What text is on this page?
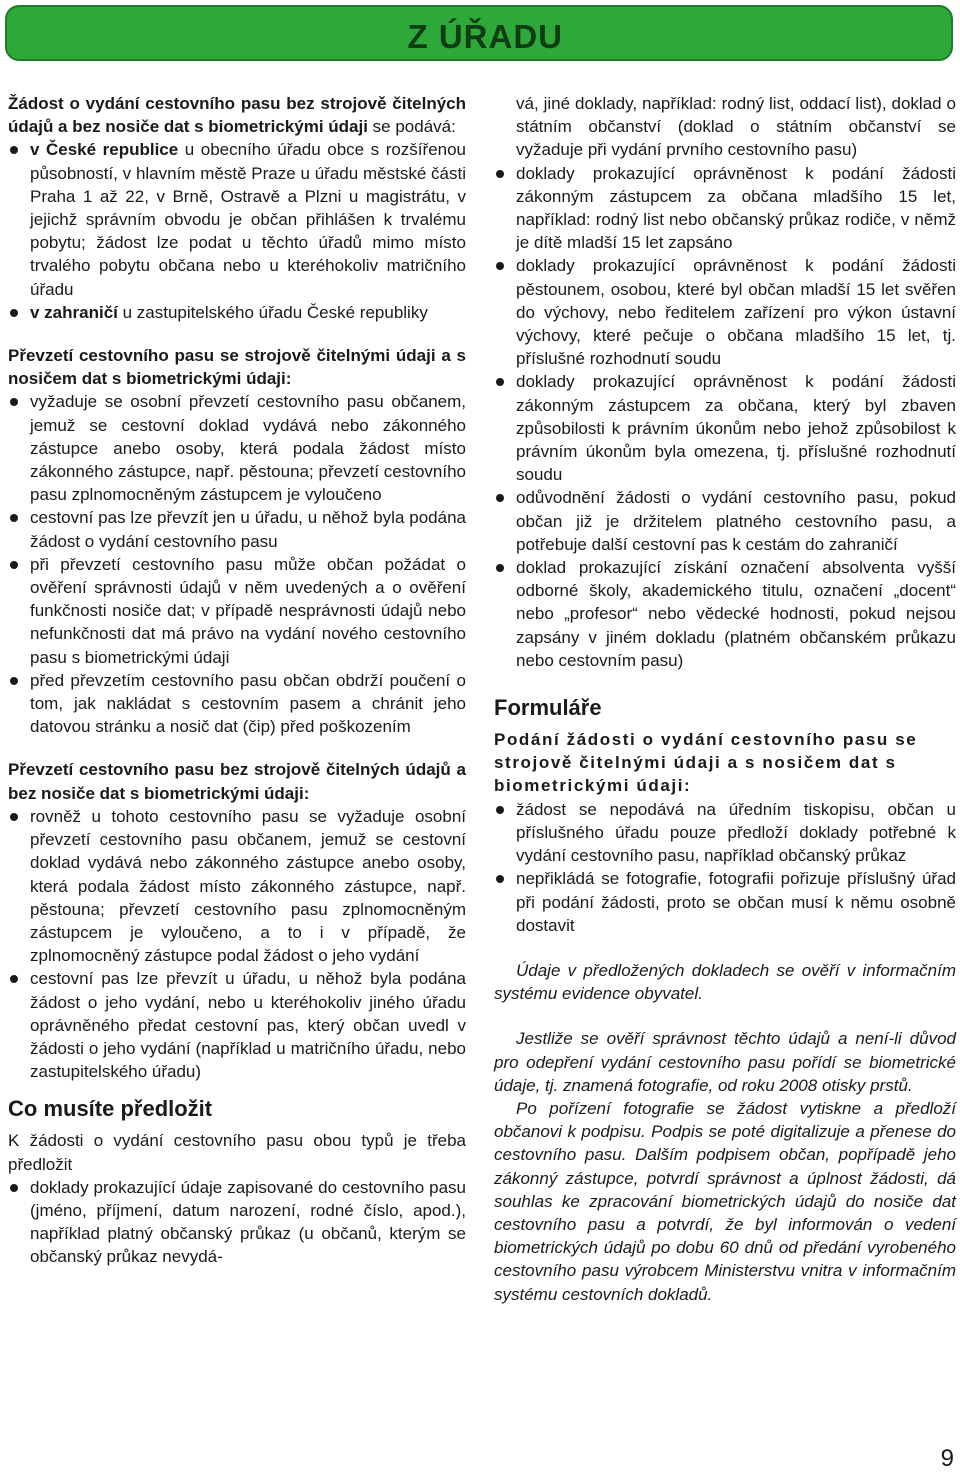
Z ÚŘADU

Žádost o vydání cestovního pasu bez strojově čitelných údajů a bez nosiče dat s biometrickými údaji se podává:

v České republice u obecního úřadu obce s rozšířenou působností, v hlavním městě Praze u úřadu městské části Praha 1 až 22, v Brně, Ostravě a Plzni u magistrátu, v jejichž správním obvodu je občan přihlášen k trvalému pobytu; žádost lze podat u těchto úřadů mimo místo trvalého pobytu občana nebo u kteréhokoliv matričního úřadu
v zahraničí u zastupitelského úřadu České republiky

Převzetí cestovního pasu se strojově čitelnými údaji a s nosičem dat s biometrickými údaji:

vyžaduje se osobní převzetí cestovního pasu občanem, jemuž se cestovní doklad vydává nebo zákonného zástupce anebo osoby, která podala žádost místo zákonného zástupce, např. pěstouna; převzetí cestovního pasu zplnomocněným zástupcem je vyloučeno
cestovní pas lze převzít jen u úřadu, u něhož byla podána žádost o vydání cestovního pasu
při převzetí cestovního pasu může občan požádat o ověření správnosti údajů v něm uvedených a o ověření funkčnosti nosiče dat; v případě nesprávnosti údajů nebo nefunkčnosti dat má právo na vydání nového cestovního pasu s biometrickými údaji
před převzetím cestovního pasu občan obdrží poučení o tom, jak nakládat s cestovním pasem a chránit jeho datovou stránku a nosič dat (čip) před poškozením

Převzetí cestovního pasu bez strojově čitelných údajů a bez nosiče dat s biometrickými údaji:

rovněž u tohoto cestovního pasu se vyžaduje osobní převzetí cestovního pasu občanem, jemuž se cestovní doklad vydává nebo zákonného zástupce anebo osoby, která podala žádost místo zákonného zástupce, např. pěstouna; převzetí cestovního pasu zplnomocněným zástupcem je vyloučeno, a to i v případě, že zplnomocněný zástupce podal žádost o jeho vydání
cestovní pas lze převzít u úřadu, u něhož byla podána žádost o jeho vydání, nebo u kteréhokoliv jiného úřadu oprávněného předat cestovní pas, který občan uvedl v žádosti o jeho vydání (například u matričního úřadu, nebo zastupitelského úřadu)
Co musíte předložit

K žádosti o vydání cestovního pasu obou typů je třeba předložit

doklady prokazující údaje zapisované do cestovního pasu (jméno, příjmení, datum narození, rodné číslo, apod.), například platný občanský průkaz (u občanů, kterým se občanský průkaz nevydá-
vá, jiné doklady, například: rodný list, oddací list), doklad o státním občanství (doklad o státním občanství se vyžaduje při vydání prvního cestovního pasu)
doklady prokazující oprávněnost k podání žádosti zákonným zástupcem za občana mladšího 15 let, například: rodný list nebo občanský průkaz rodiče, v němž je dítě mladší 15 let zapsáno
doklady prokazující oprávněnost k podání žádosti pěstounem, osobou, které byl občan mladší 15 let svěřen do výchovy, nebo ředitelem zařízení pro výkon ústavní výchovy, které pečuje o občana mladšího 15 let, tj. příslušné rozhodnutí soudu
doklady prokazující oprávněnost k podání žádosti zákonným zástupcem za občana, který byl zbaven způsobilosti k právním úkonům nebo jehož způsobilost k právním úkonům byla omezena, tj. příslušné rozhodnutí soudu
odůvodnění žádosti o vydání cestovního pasu, pokud občan již je držitelem platného cestovního pasu, a potřebuje další cestovní pas k cestám do zahraničí
doklad prokazující získání označení absolventa vyšší odborné školy, akademického titulu, označení „docent“ nebo „profesor“ nebo vědecké hodnosti, pokud nejsou zapsány v jiném dokladu (platném občanském průkazu nebo cestovním pasu)
Formuláře

Podání žádosti o vydání cestovního pasu se strojově čitelnými údaji a s nosičem dat s biometrickými údaji:

žádost se nepodává na úředním tiskopisu, občan u příslušného úřadu pouze předloží doklady potřebné k vydání cestovního pasu, například občanský průkaz
nepřikládá se fotografie, fotografii pořizuje příslušný úřad při podání žádosti, proto se občan musí k němu osobně dostavit

Údaje v předložených dokladech se ověří v informačním systému evidence obyvatel.

Jestliže se ověří správnost těchto údajů a není-li důvod pro odepření vydání cestovního pasu pořídí se biometrické údaje, tj. znamená fotografie, od roku 2008 otisky prstů.

Po pořízení fotografie se žádost vytiskne a předloží občanovi k podpisu. Podpis se poté digitalizuje a přenese do cestovního pasu. Dalším podpisem občan, popřípadě jeho zákonný zástupce, potvrdí správnost a úplnost žádosti, dá souhlas ke zpracování biometrických údajů do nosiče dat cestovního pasu a potvrdí, že byl informován o vedení biometrických údajů po dobu 60 dnů od předání vyrobeného cestovního pasu výrobcem Ministerstvu vnitra v informačním systému cestovních dokladů.

9
